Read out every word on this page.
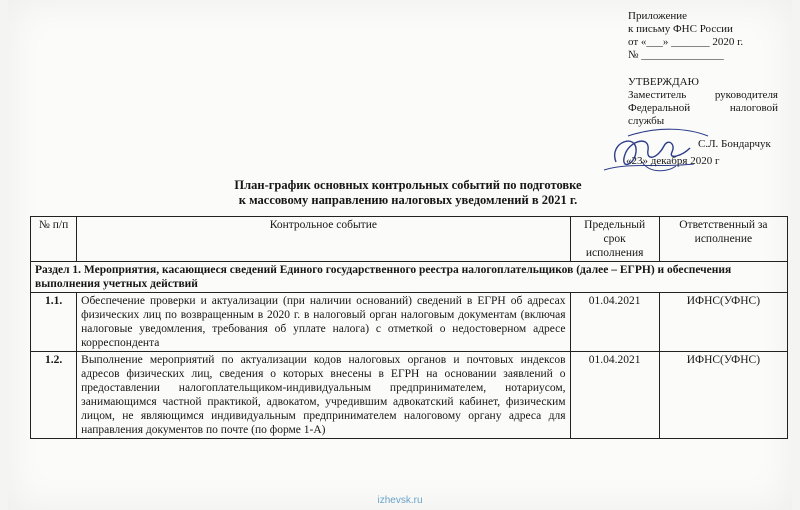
Приложение
к письму ФНС России
от «___» _______ 2020 г.
№ _______________
УТВЕРЖДАЮ
Заместитель руководителя
Федеральной налоговой
службы
С.Л. Бондарчук
«23» декабря 2020 г
План-график основных контрольных событий по подготовке
к массовому направлению налоговых уведомлений в 2021 г.
№ п/п	Контрольное событие	Предельный срок исполнения	Ответственный за исполнение
Раздел 1. Мероприятия, касающиеся сведений Единого государственного реестра налогоплательщиков (далее – ЕГРН) и обеспечения выполнения учетных действий			
1.1.	Обеспечение проверки и актуализации (при наличии оснований) сведений в ЕГРН об адресах физических лиц по возвращенным в 2020 г. в налоговый орган налоговым документам (включая налоговые уведомления, требования об уплате налога) с отметкой о недостоверном адресе корреспондента	01.04.2021	ИФНС(УФНС)
1.2.	Выполнение мероприятий по актуализации кодов налоговых органов и почтовых индексов адресов физических лиц, сведения о которых внесены в ЕГРН на основании заявлений о предоставлении налогоплательщиком-индивидуальным предпринимателем, нотариусом, занимающимся частной практикой, адвокатом, учредившим адвокатский кабинет, физическим лицом, не являющимся индивидуальным предпринимателем налоговому органу адреса для направления документов по почте (по форме 1-А)	01.04.2021	ИФНС(УФНС)
izhevsk.ru
